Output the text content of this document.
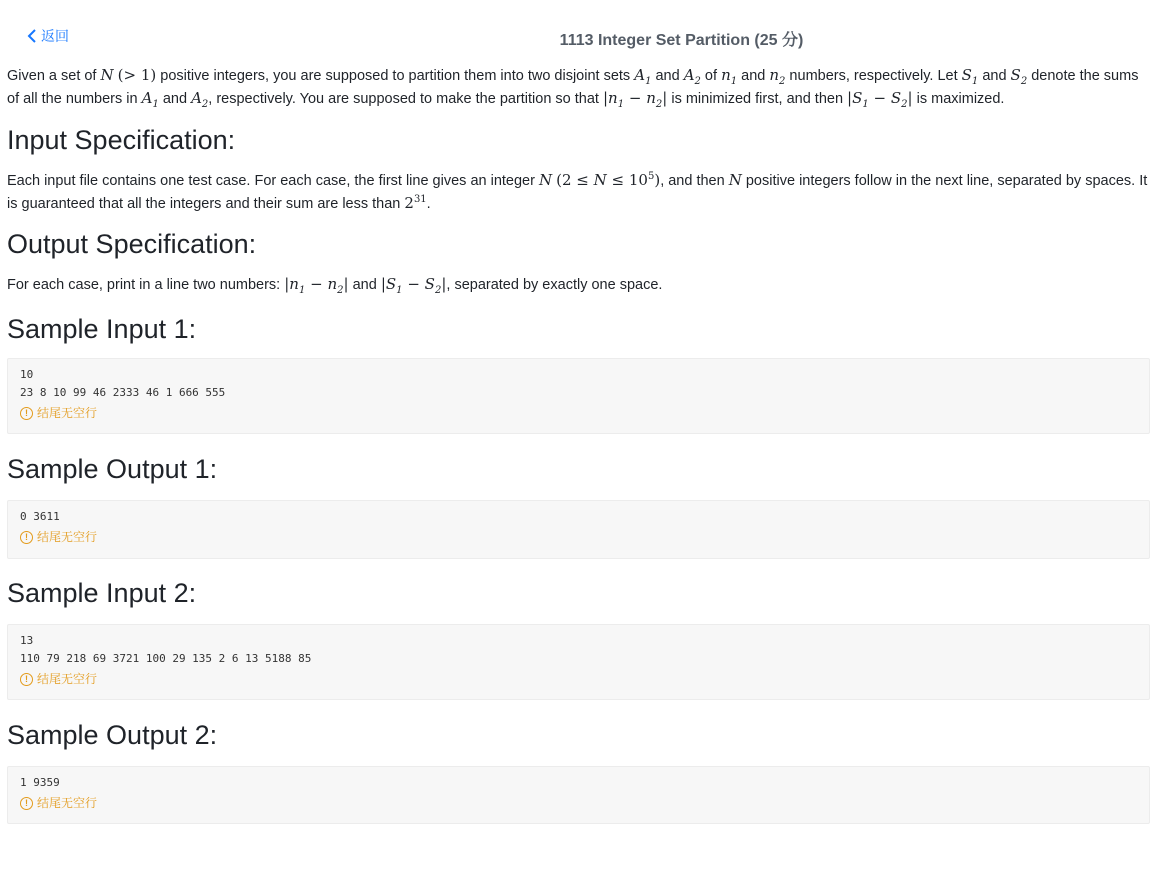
返回	1113 Integer Set Partition (25 分)

Given a set of N (> 1) positive integers, you are supposed to partition them into two disjoint sets $A_1$ and $A_2$ of $n_1$ and $n_2$ numbers, respectively. Let $S_1$ and $S_2$ denote the sums of all the numbers in $A_1$ and $A_2$, respectively. You are supposed to make the partition so that $|n_1 - n_2|$ is minimized first, and then $|S_1 - S_2|$ is maximized.

Input Specification:

Each input file contains one test case. For each case, the first line gives an integer N $(2 \le N \le 10^5)$, and then N positive integers follow in the next line, separated by spaces. It is guaranteed that all the integers and their sum are less than $2^{31}$.

Output Specification:

For each case, print in a line two numbers: $|n_1 - n_2|$ and $|S_1 - S_2|$, separated by exactly one space.

Sample Input 1:
10
23 8 10 99 46 2333 46 1 666 555
! 结尾无空行
Sample Output 1:
0 3611
! 结尾无空行
Sample Input 2:
13
110 79 218 69 3721 100 29 135 2 6 13 5188 85
! 结尾无空行
Sample Output 2:
1 9359
! 结尾无空行
